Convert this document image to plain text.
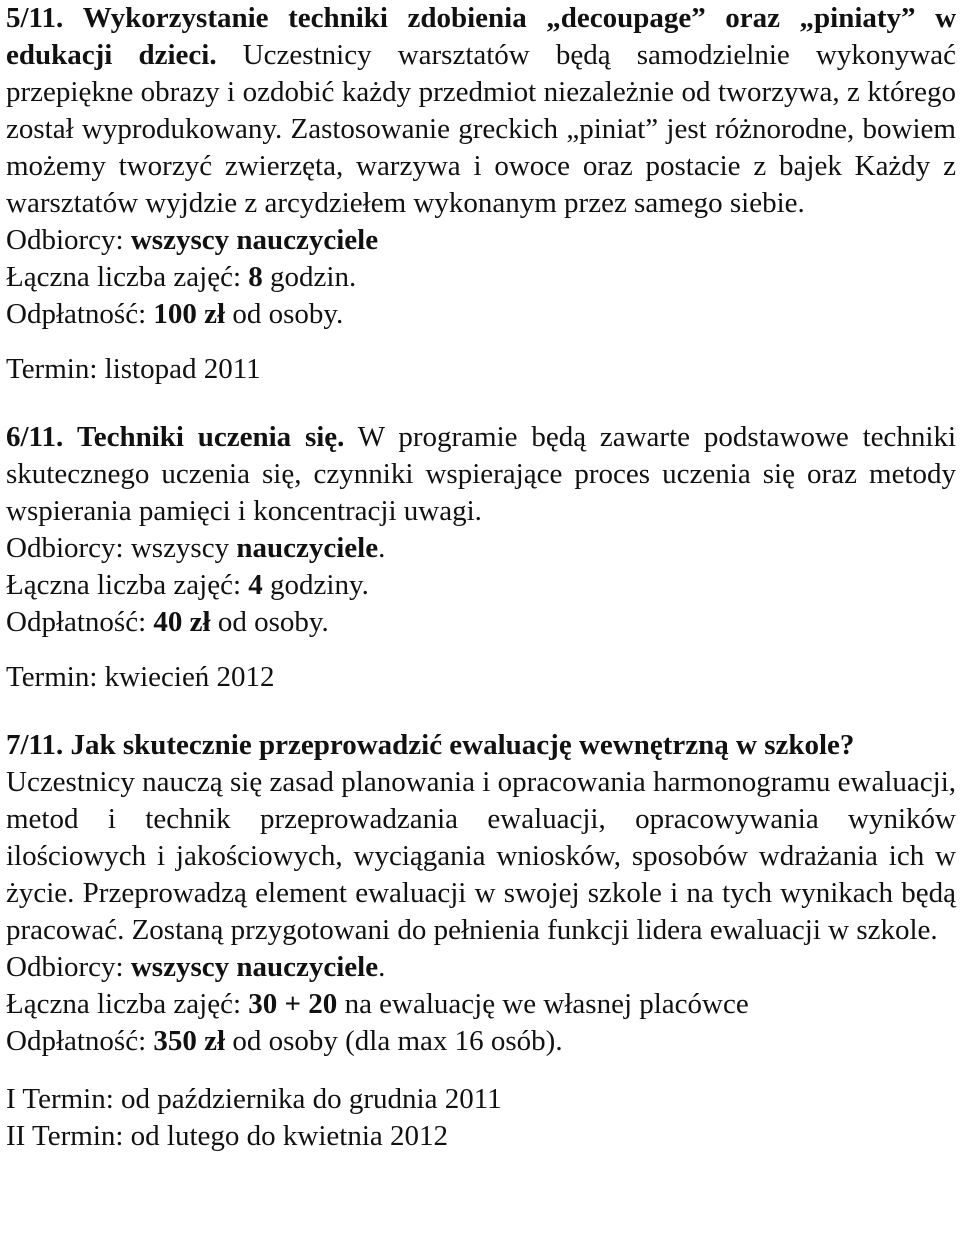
5/11. Wykorzystanie techniki zdobienia „decoupage” oraz „piniaty” w edukacji dzieci. Uczestnicy warsztatów będą samodzielnie wykonywać przepiękne obrazy i ozdobić każdy przedmiot niezależnie od tworzywa, z którego został wyprodukowany. Zastosowanie greckich „piniat” jest różnorodne, bowiem możemy tworzyć zwierzęta, warzywa i owoce oraz postacie z bajek Każdy z warsztatów wyjdzie z arcydziełem wykonanym przez samego siebie.

Odbiorcy: wszyscy nauczyciele

Łączna liczba zajęć: 8 godzin.

Odpłatność: 100 zł od osoby.

Termin: listopad 2011

6/11. Techniki uczenia się. W programie będą zawarte podstawowe techniki skutecznego uczenia się, czynniki wspierające proces uczenia się oraz metody wspierania pamięci i koncentracji uwagi.

Odbiorcy: wszyscy nauczyciele.

Łączna liczba zajęć: 4 godziny.

Odpłatność: 40 zł od osoby.

Termin: kwiecień 2012

7/11. Jak skutecznie przeprowadzić ewaluację wewnętrzną w szkole?

Uczestnicy nauczą się zasad planowania i opracowania harmonogramu ewaluacji, metod i technik przeprowadzania ewaluacji, opracowywania wyników ilościowych i jakościowych, wyciągania wniosków, sposobów wdrażania ich w życie. Przeprowadzą element ewaluacji w swojej szkole i na tych wynikach będą pracować. Zostaną przygotowani do pełnienia funkcji lidera ewaluacji w szkole.

Odbiorcy: wszyscy nauczyciele.

Łączna liczba zajęć: 30 + 20 na ewaluację we własnej placówce

Odpłatność: 350 zł od osoby (dla max 16 osób).

I Termin: od października do grudnia 2011

II Termin: od lutego do kwietnia 2012
